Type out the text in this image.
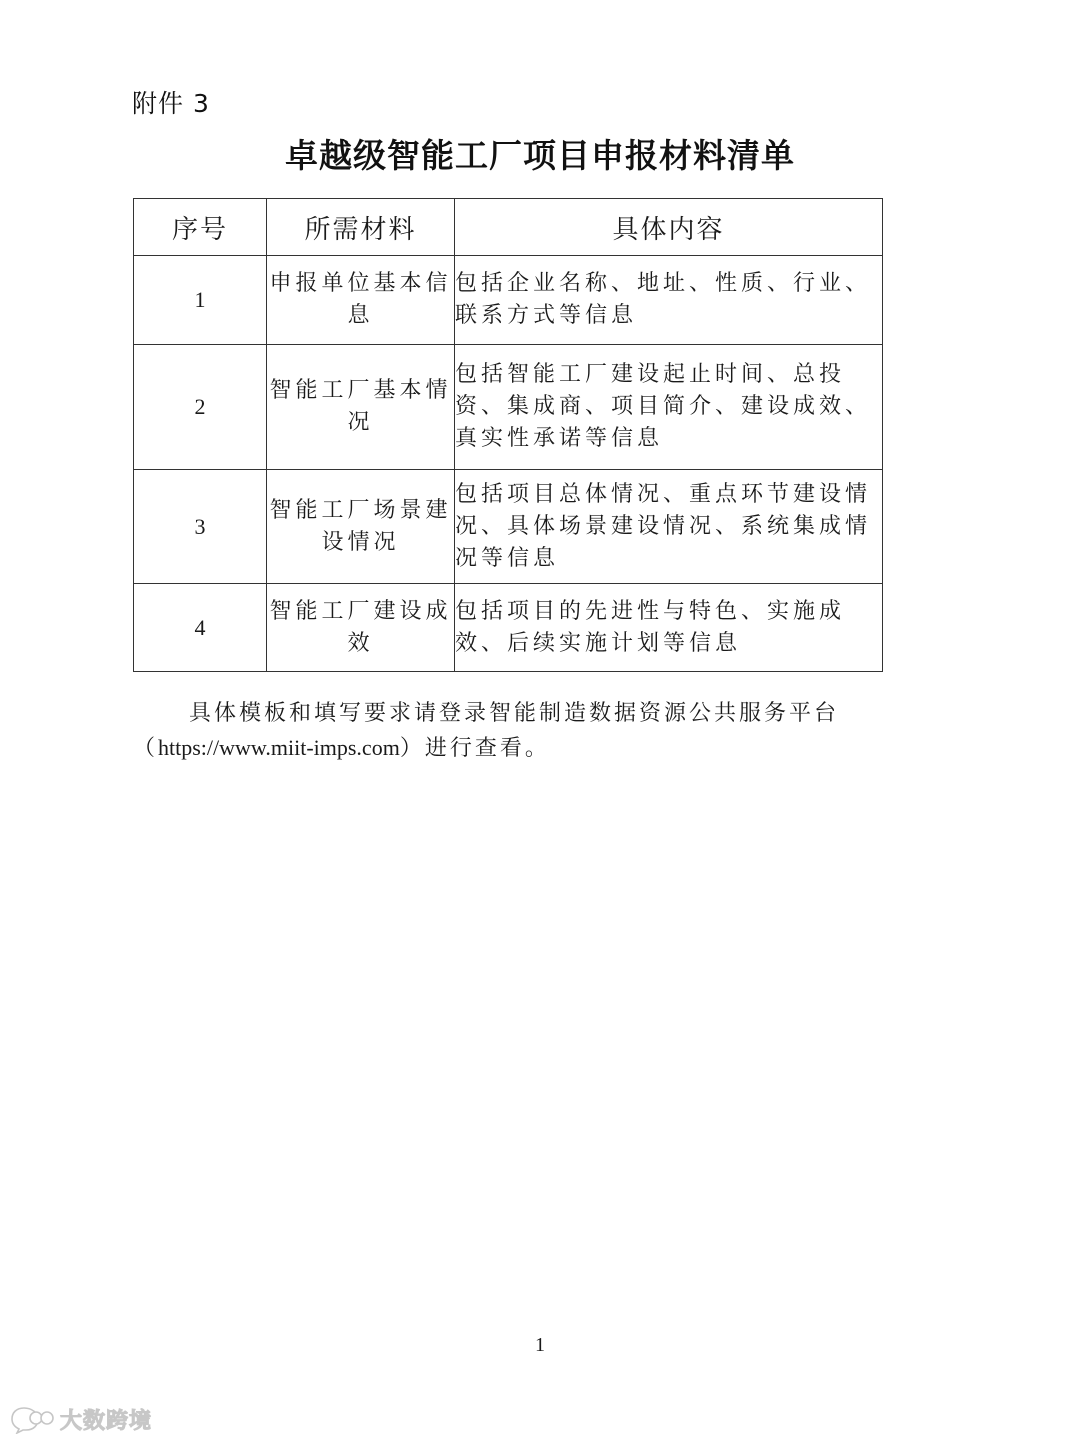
附件 3
卓越级智能工厂项目申报材料清单
序号	所需材料	具体内容
1	申报单位基本信息	包括企业名称、地址、性质、行业、联系方式等信息
2	智能工厂基本情况	包括智能工厂建设起止时间、总投资、集成商、项目简介、建设成效、真实性承诺等信息
3	智能工厂场景建设情况	包括项目总体情况、重点环节建设情况、具体场景建设情况、系统集成情况等信息
4	智能工厂建设成效	包括项目的先进性与特色、实施成效、后续实施计划等信息
具体模板和填写要求请登录智能制造数据资源公共服务平台
（https://www.miit-imps.com）进行查看。
1
大数跨境
